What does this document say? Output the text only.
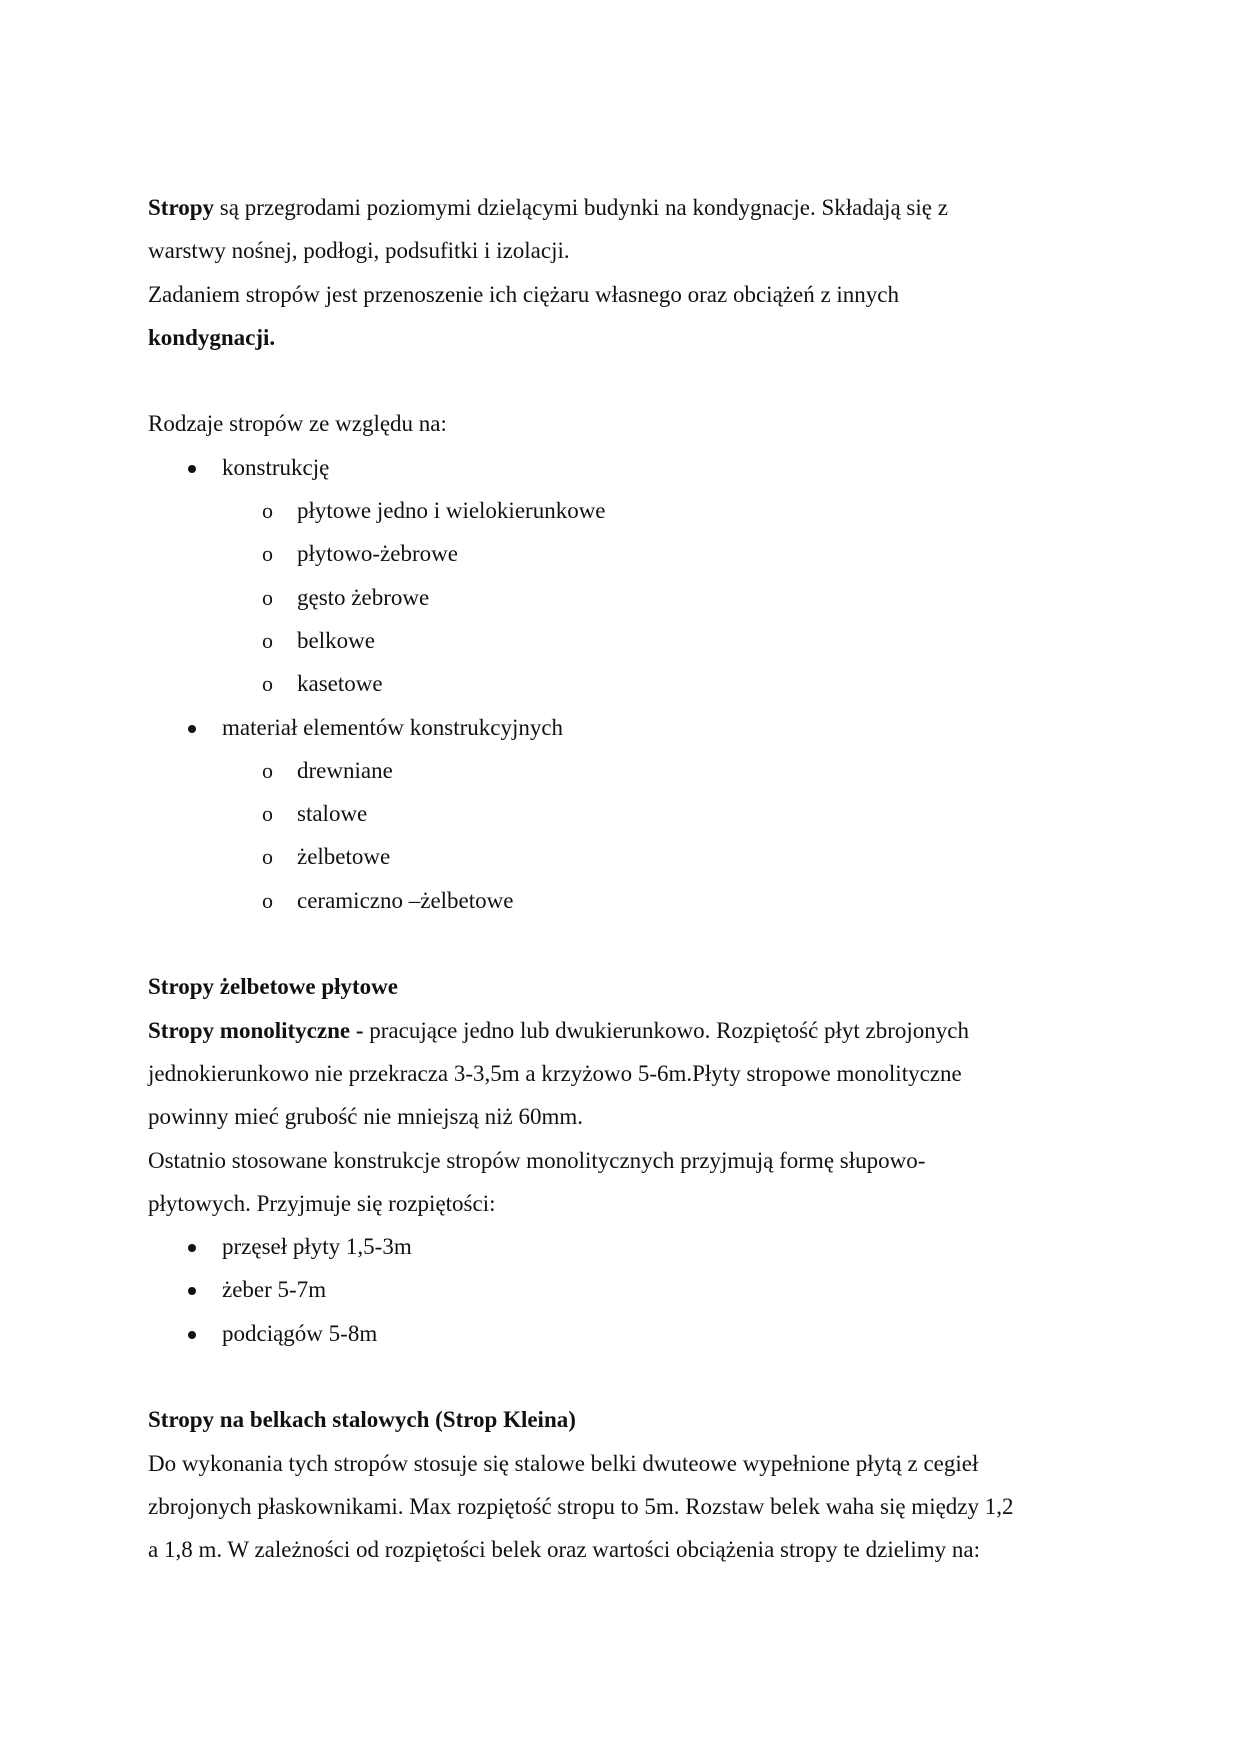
Stropy są przegrodami poziomymi dzielącymi budynki na kondygnacje. Składają się z
warstwy nośnej, podłogi, podsufitki i izolacji.
Zadaniem stropów jest przenoszenie ich ciężaru własnego oraz obciążeń z innych
kondygnacji.
Rodzaje stropów ze względu na:
konstrukcję
o płytowe jedno i wielokierunkowe
o płytowo-żebrowe
o gęsto żebrowe
o belkowe
o kasetowe
materiał elementów konstrukcyjnych
o drewniane
o stalowe
o żelbetowe
o ceramiczno –żelbetowe
Stropy żelbetowe płytowe
Stropy monolityczne - pracujące jedno lub dwukierunkowo. Rozpiętość płyt zbrojonych
jednokierunkowo nie przekracza 3-3,5m a krzyżowo 5-6m.Płyty stropowe monolityczne
powinny mieć grubość nie mniejszą niż 60mm.
Ostatnio stosowane konstrukcje stropów monolitycznych przyjmują formę słupowo-
płytowych. Przyjmuje się rozpiętości:
przęseł płyty 1,5-3m
żeber 5-7m
podciągów 5-8m
Stropy na belkach stalowych (Strop Kleina)
Do wykonania tych stropów stosuje się stalowe belki dwuteowe wypełnione płytą z cegieł
zbrojonych płaskownikami. Max rozpiętość stropu to 5m. Rozstaw belek waha się między 1,2
a 1,8 m. W zależności od rozpiętości belek oraz wartości obciążenia stropy te dzielimy na:
